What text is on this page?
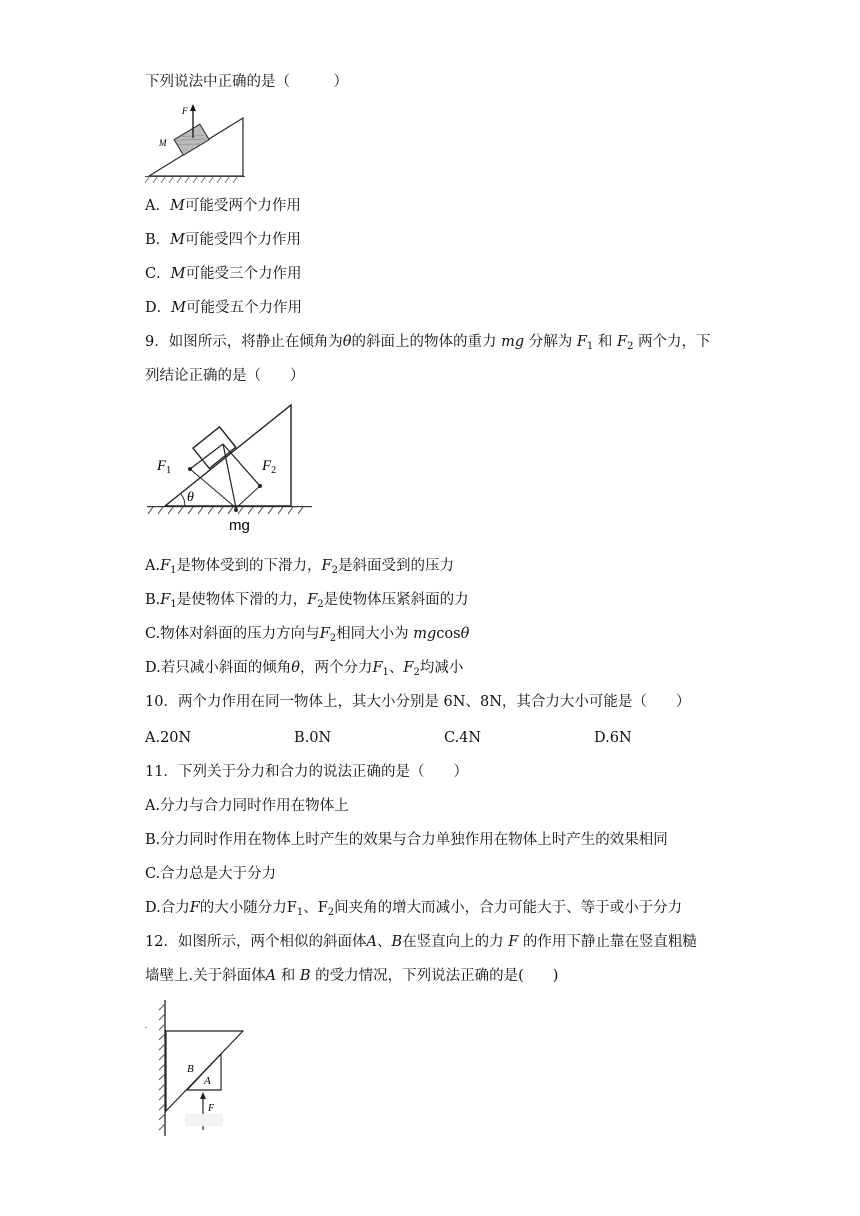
下列说法中正确的是（　　　）
F
M
A．M可能受两个力作用
B．M可能受四个力作用
C．M可能受三个力作用
D．M可能受五个力作用
9．如图所示，将静止在倾角为θ的斜面上的物体的重力 mg 分解为 $F_1$ 和 $F_2$ 两个力，下
列结论正确的是（　　）
$F_1$	$F_2$
θ
mg
$A.F_1$是物体受到的下滑力，$F_2$是斜面受到的压力
$B.F_1$是使物体下滑的力，$F_2$是使物体压紧斜面的力
C.物体对斜面的压力方向与$F_2$相同大小为 mgcosθ
D.若只减小斜面的倾角θ，两个分力$F_1$、$F_2$均减小
10．两个力作用在同一物体上，其大小分别是 6N、8N，其合力大小可能是（　　）
A.20N	B.0N	C.4N	D.6N
11．下列关于分力和合力的说法正确的是（　　）
A.分力与合力同时作用在物体上
B.分力同时作用在物体上时产生的效果与合力单独作用在物体上时产生的效果相同
C.合力总是大于分力
D.合力F的大小随分力$F_1$、$F_2$间夹角的增大而减小，合力可能大于、等于或小于分力
12．如图所示，两个相似的斜面体A、B在竖直向上的力 F 的作用下静止靠在竖直粗糙
墙壁上.关于斜面体A 和 B 的受力情况，下列说法正确的是(　　)
B
A
F
.
